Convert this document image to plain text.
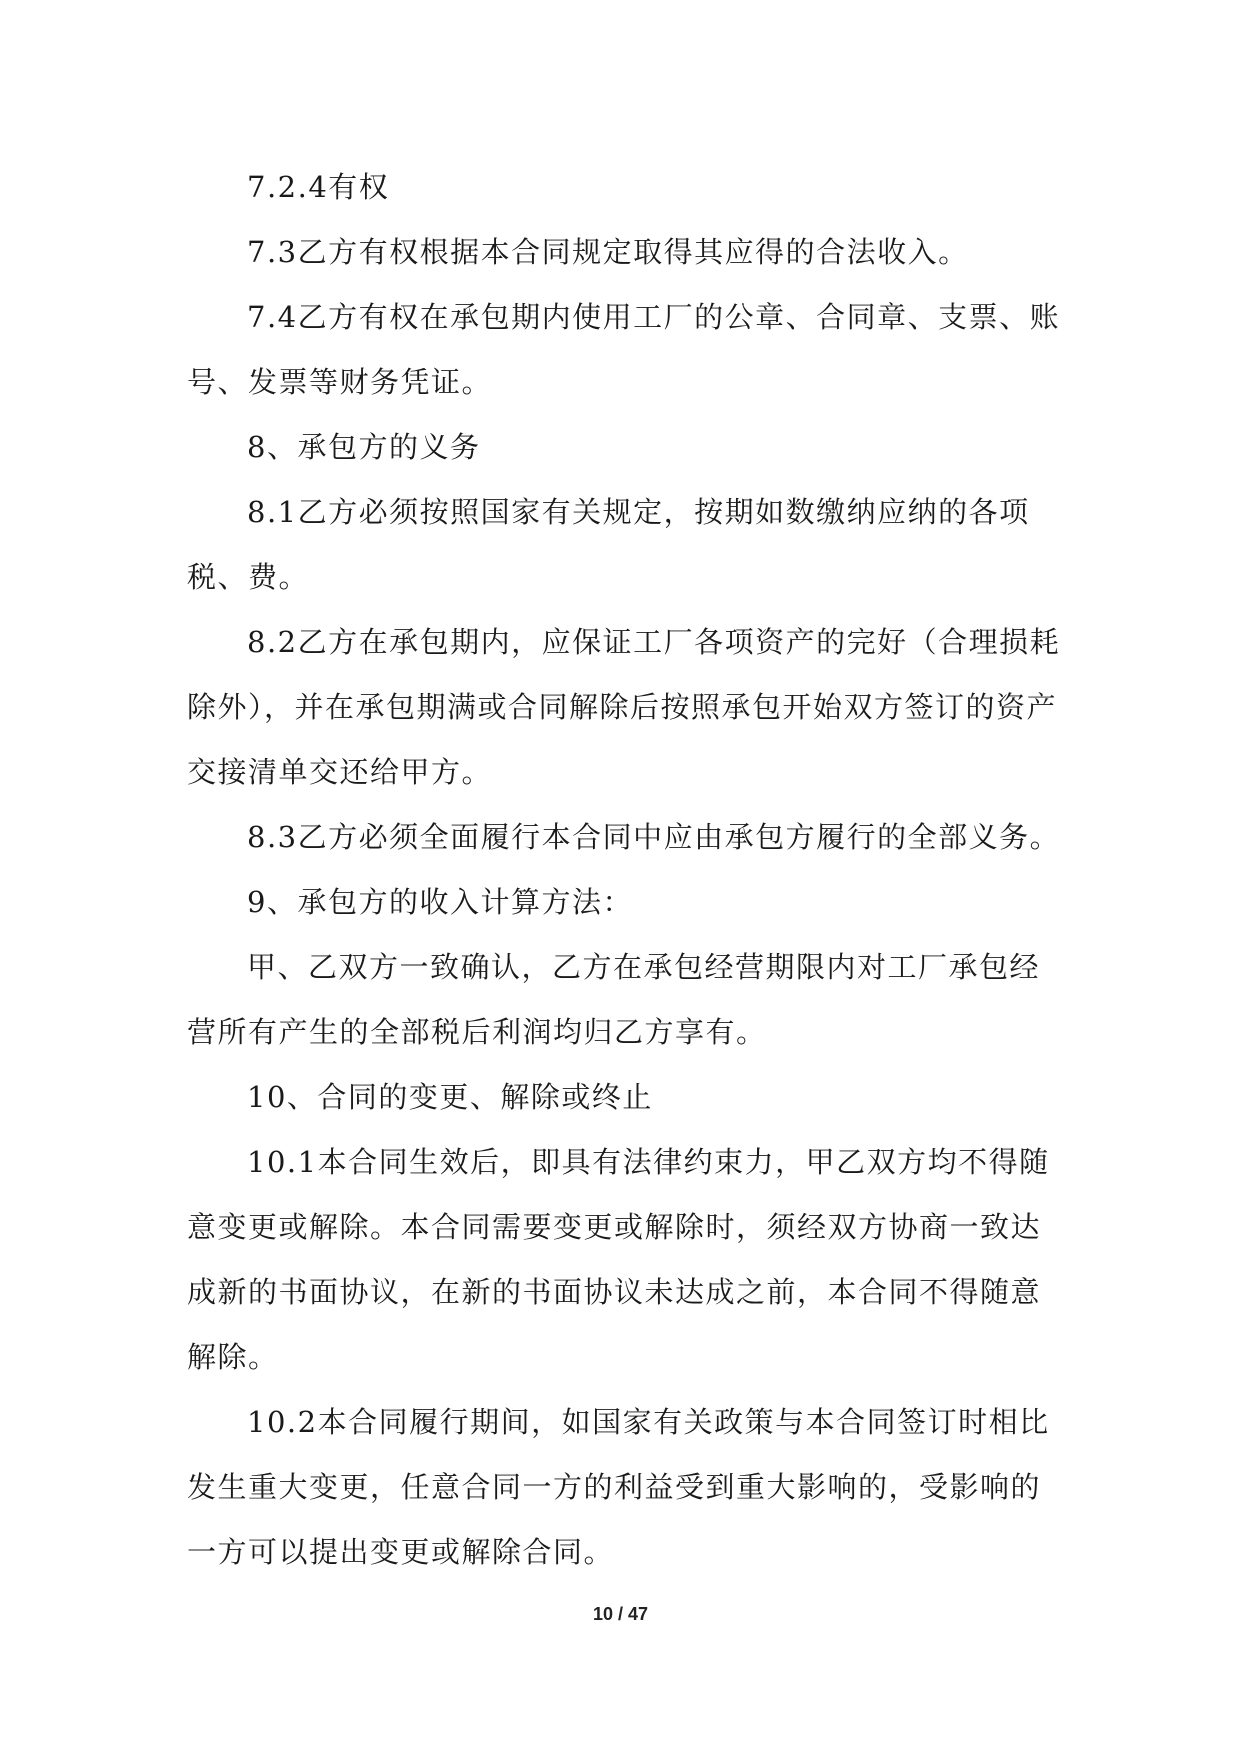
7.2.4有权

7.3乙方有权根据本合同规定取得其应得的合法收入。

7.4乙方有权在承包期内使用工厂的公章、合同章、支票、账号、发票等财务凭证。

8、承包方的义务

8.1乙方必须按照国家有关规定，按期如数缴纳应纳的各项税、费。

8.2乙方在承包期内，应保证工厂各项资产的完好（合理损耗除外），并在承包期满或合同解除后按照承包开始双方签订的资产交接清单交还给甲方。

8.3乙方必须全面履行本合同中应由承包方履行的全部义务。

9、承包方的收入计算方法：

甲、乙双方一致确认，乙方在承包经营期限内对工厂承包经营所有产生的全部税后利润均归乙方享有。

10、合同的变更、解除或终止

10.1本合同生效后，即具有法律约束力，甲乙双方均不得随意变更或解除。本合同需要变更或解除时，须经双方协商一致达成新的书面协议，在新的书面协议未达成之前，本合同不得随意解除。

10.2本合同履行期间，如国家有关政策与本合同签订时相比发生重大变更，任意合同一方的利益受到重大影响的，受影响的一方可以提出变更或解除合同。

10 / 47
